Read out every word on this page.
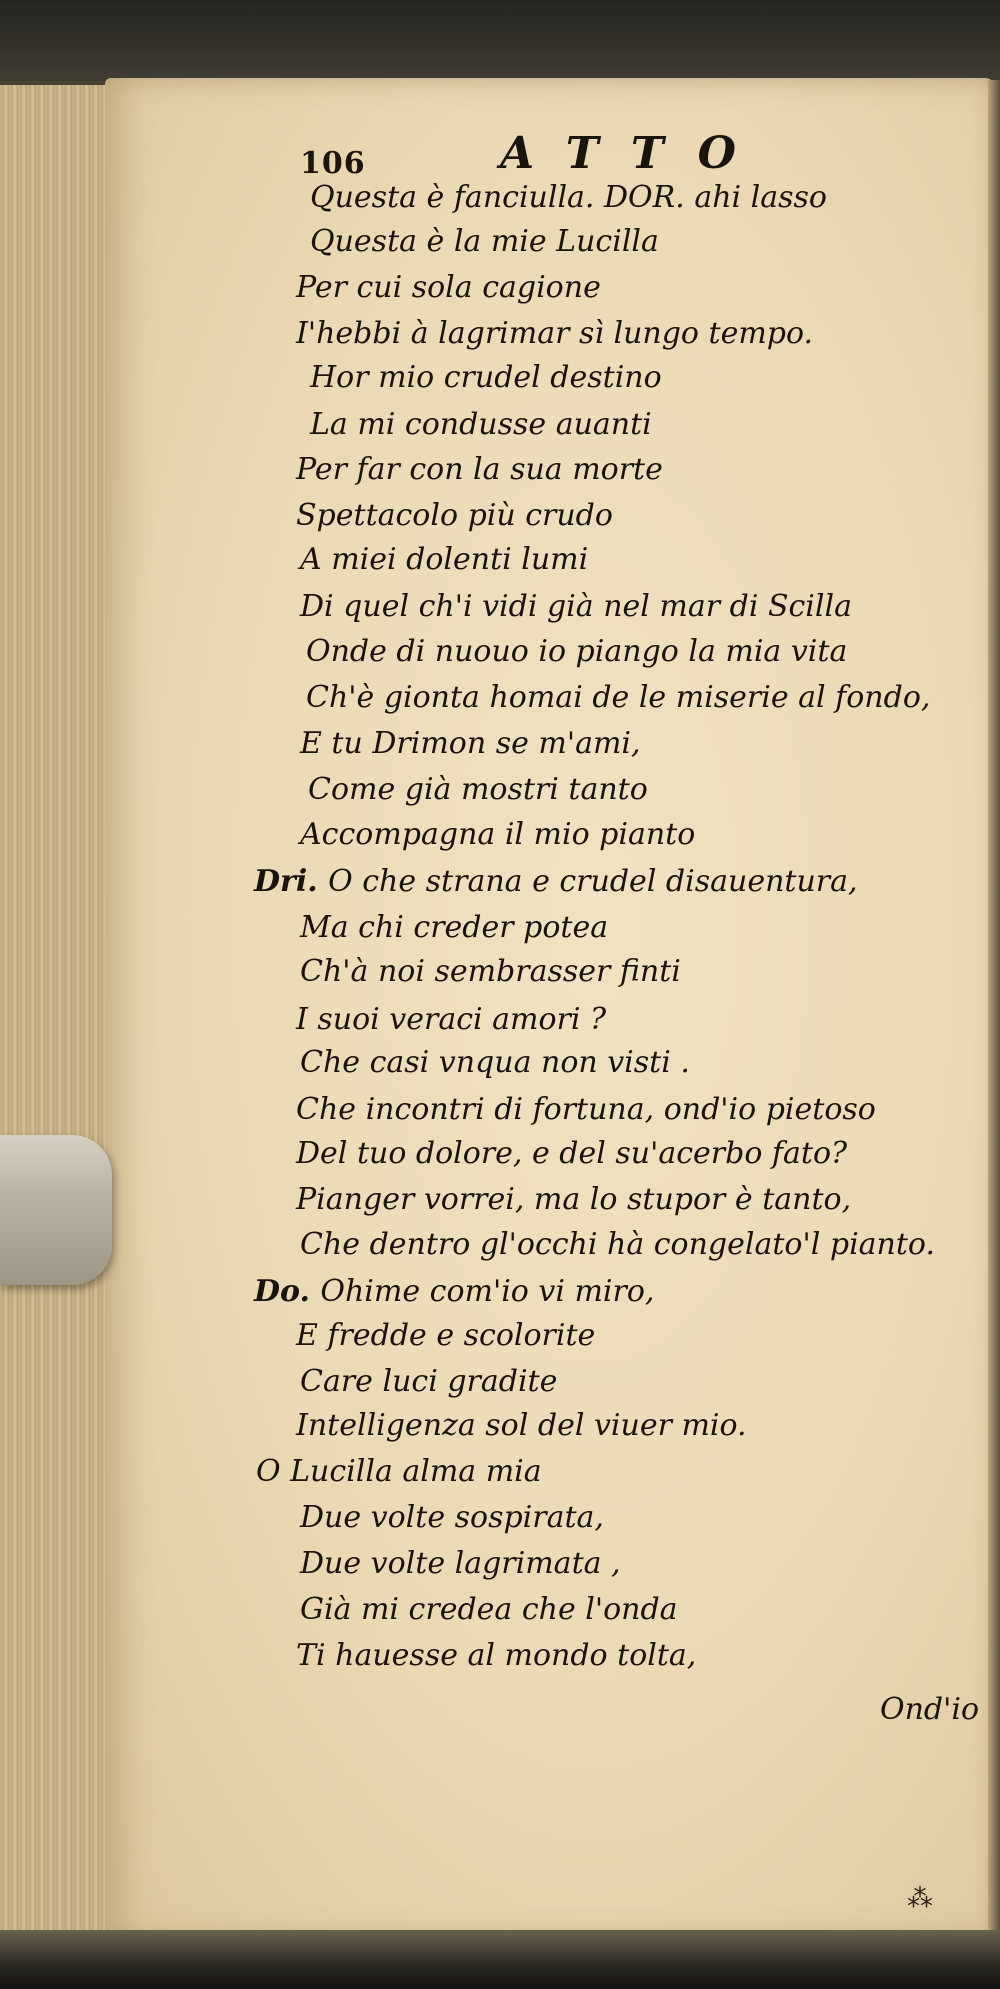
106	ATTO
Questa è fanciulla. DOR. ahi lasso
Questa è la mie Lucilla
Per cui sola cagione
I'hebbi à lagrimar sì lungo tempo.
Hor mio crudel destino
La mi condusse auanti
Per far con la sua morte
Spettacolo più crudo
A miei dolenti lumi
Di quel ch'i vidi già nel mar di Scilla
Onde di nuouo io piango la mia vita
Ch'è gionta homai de le miserie al fondo,
E tu Drimon se m'ami,
Come già mostri tanto
Accompagna il mio pianto
Dri. O che strana e crudel disauentura,
Ma chi creder potea
Ch'à noi sembrasser finti
I suoi veraci amori ?
Che casi vnqua non visti .
Che incontri di fortuna, ond'io pietoso
Del tuo dolore, e del su'acerbo fato?
Pianger vorrei, ma lo stupor è tanto,
Che dentro gl'occhi hà congelato'l pianto.
Do. Ohime com'io vi miro,
E fredde e scolorite
Care luci gradite
Intelligenza sol del viuer mio.
O Lucilla alma mia
Due volte sospirata,
Due volte lagrimata ,
Già mi credea che l'onda
Ti hauesse al mondo tolta,
Ond'io
⁂
